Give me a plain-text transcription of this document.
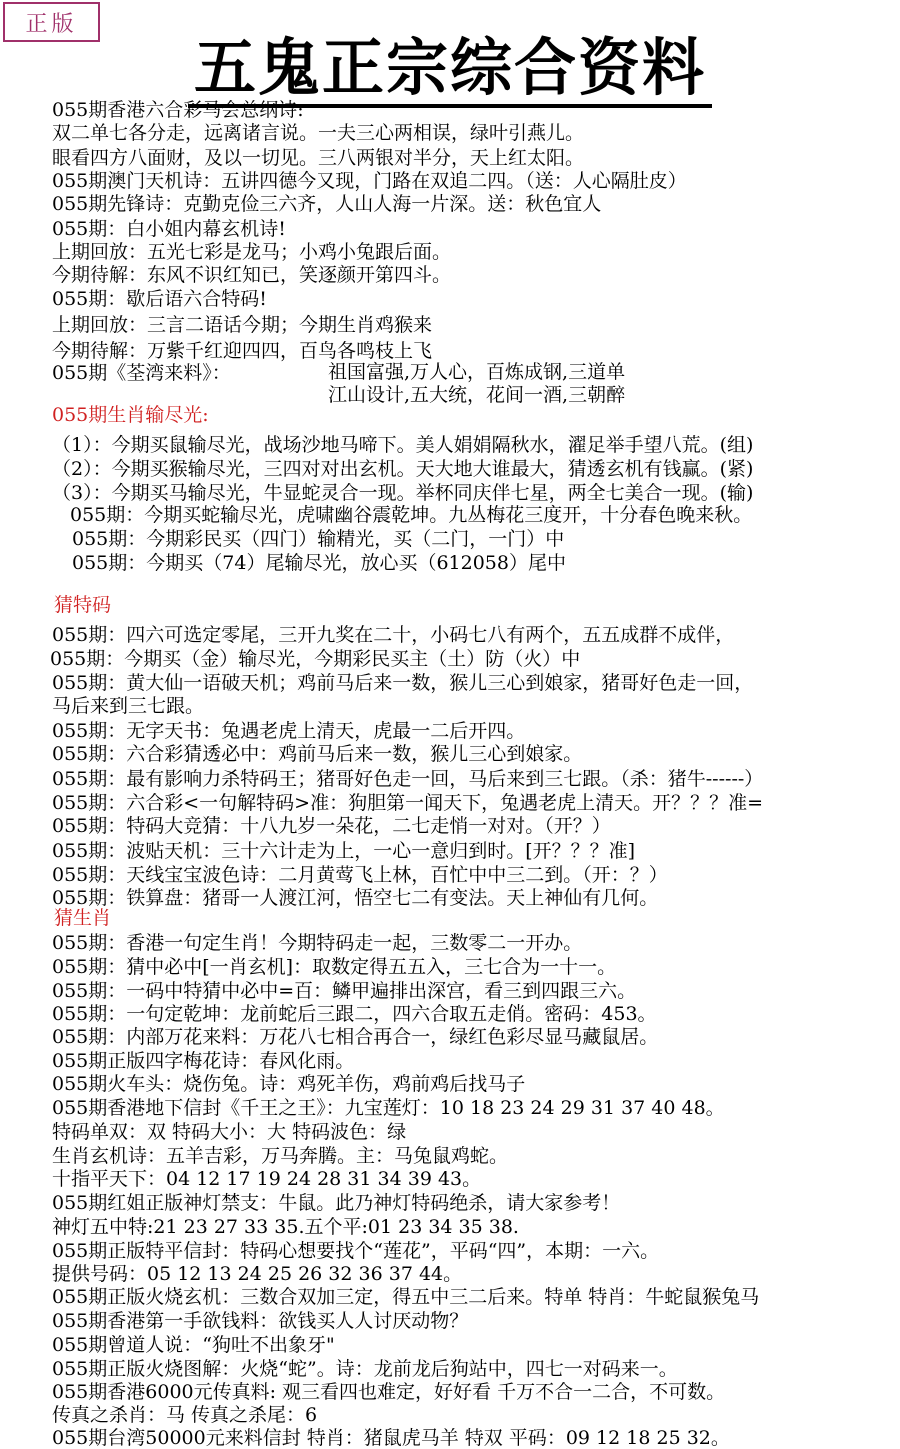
正版
五鬼正宗综合资料
055期香港六合彩马会总纲诗:
双二单七各分走，远离诸言说。一夫三心两相误，绿叶引燕儿。
眼看四方八面财，及以一切见。三八两银对半分，天上红太阳。
055期澳门天机诗：五讲四德今又现，门路在双追二四。（送：人心隔肚皮）
055期先锋诗：克勤克俭三六齐，人山人海一片深。送：秋色宜人
055期：白小姐内幕玄机诗!
上期回放：五光七彩是龙马；小鸡小兔跟后面。
今期待解：东风不识红知已，笑逐颜开第四斗。
055期：歇后语六合特码!
上期回放：三言二语话今期；今期生肖鸡猴来
今期待解：万紫千红迎四四，百鸟各鸣枝上飞
055期《荃湾来料》：	祖国富强,万人心，百炼成钢,三道单
江山设计,五大统，花间一酒,三朝醉
055期生肖输尽光:
（1）：今期买鼠输尽光，战场沙地马啼下。美人娟娟隔秋水，濯足举手望八荒。(组)
（2）：今期买猴输尽光，三四对对出玄机。天大地大谁最大，猜透玄机有钱赢。(紧)
（3）：今期买马输尽光，牛显蛇灵合一现。举杯同庆伴七星，两全七美合一现。(输)
055期：今期买蛇输尽光，虎啸幽谷震乾坤。九丛梅花三度开，十分春色晚来秋。
055期：今期彩民买（四门）输精光，买（二门，一门）中
055期：今期买（74）尾输尽光，放心买（612058）尾中
猜特码
055期：四六可选定零尾，三开九奖在二十，小码七八有两个，五五成群不成伴，
055期：今期买（金）输尽光，今期彩民买主（土）防（火）中
055期：黄大仙一语破天机；鸡前马后来一数，猴儿三心到娘家，猪哥好色走一回，
马后来到三七跟。
055期：无字天书：兔遇老虎上清天，虎最一二后开四。
055期：六合彩猜透必中：鸡前马后来一数，猴儿三心到娘家。
055期：最有影响力杀特码王；猪哥好色走一回，马后来到三七跟。（杀：猪牛------）
055期：六合彩<一句解特码>准：狗胆第一闻天下，兔遇老虎上清天。开？？？准=
055期：特码大竞猜：十八九岁一朵花，二七走悄一对对。（开？）
055期：波贴天机：三十六计走为上，一心一意归到时。[开？？？准]
055期：天线宝宝波色诗：二月黄莺飞上林，百忙中中三二到。（开：？）
055期：铁算盘：猪哥一人渡江河，悟空七二有变法。天上神仙有几何。
猜生肖
055期：香港一句定生肖！今期特码走一起，三数零二一开办。
055期：猜中必中[一肖玄机]：取数定得五五入，三七合为一十一。
055期：一码中特猜中必中=百：鳞甲遍排出深宫，看三到四跟三六。
055期：一句定乾坤：龙前蛇后三跟二，四六合取五走俏。密码：453。
055期：内部万花来料：万花八七相合再合一，绿红色彩尽显马藏鼠居。
055期正版四字梅花诗：春风化雨。
055期火车头：烧伤兔。诗：鸡死羊伤，鸡前鸡后找马子
055期香港地下信封《千王之王》：九宝莲灯：10 18 23 24 29 31 37 40 48。
特码单双：双 特码大小：大 特码波色：绿
生肖玄机诗：五羊吉彩，万马奔腾。主：马兔鼠鸡蛇。
十指平天下：04 12 17 19 24 28 31 34 39 43。
055期红姐正版神灯禁支：牛鼠。此乃神灯特码绝杀，请大家参考！
神灯五中特:21 23 27 33 35.五个平:01 23 34 35 38.
055期正版特平信封：特码心想要找个“莲花”，平码“四”，本期：一六。
提供号码：05 12 13 24 25 26 32 36 37 44。
055期正版火烧玄机：三数合双加三定，得五中三二后来。特单 特肖：牛蛇鼠猴兔马
055期香港第一手欲钱料：欲钱买人人讨厌动物？
055期曾道人说：“狗吐不出象牙"
055期正版火烧图解：火烧“蛇”。诗：龙前龙后狗站中，四七一对码来一。
055期香港6000元传真料: 观三看四也难定，好好看 千万不合一二合，不可数。
传真之杀肖：马 传真之杀尾：6
055期台湾50000元来料信封 特肖：猪鼠虎马羊 特双 平码：09 12 18 25 32。
